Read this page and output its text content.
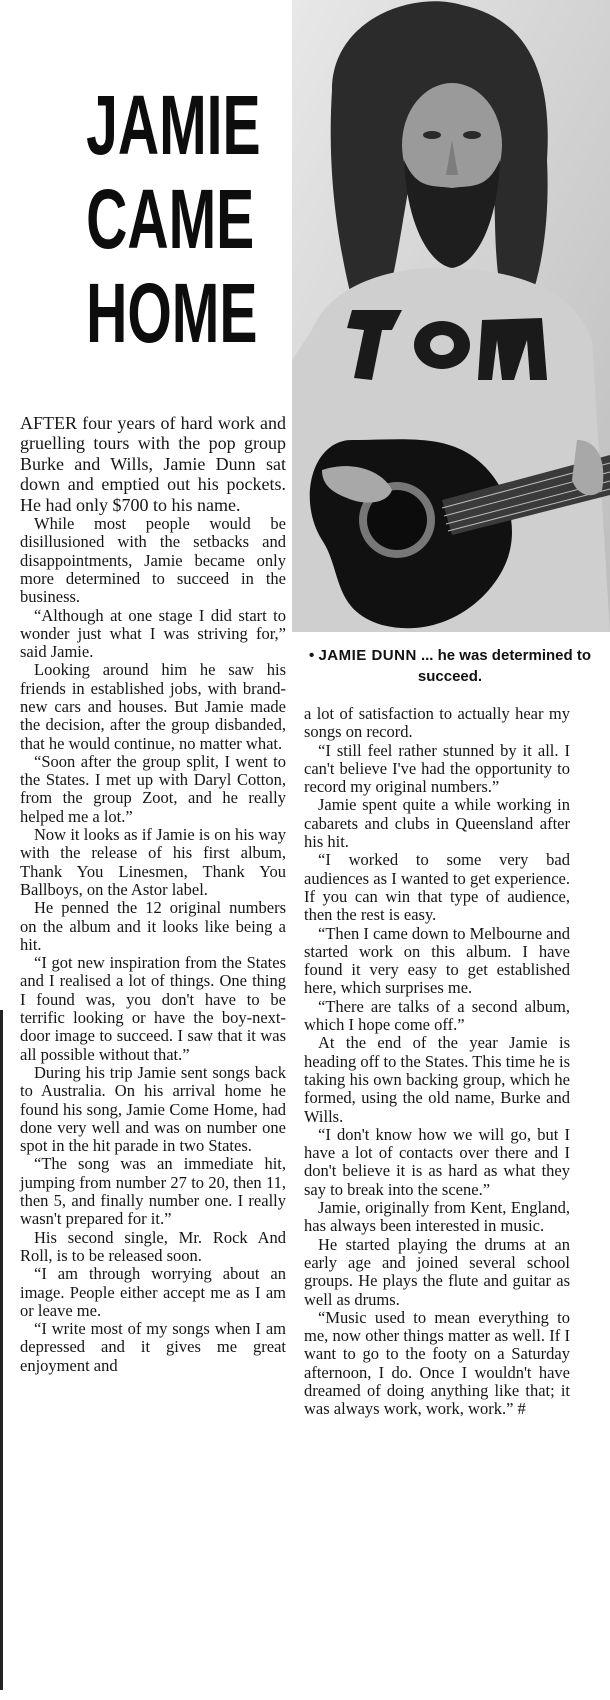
JAMIE
CAME
HOME
• JAMIE DUNN ... he was determined to succeed.

AFTER four years of hard work and gruelling tours with the pop group Burke and Wills, Jamie Dunn sat down and emptied out his pockets. He had only $700 to his name.

While most people would be disillusioned with the setbacks and disappointments, Jamie became only more determined to succeed in the business.

“Although at one stage I did start to wonder just what I was striving for,” said Jamie.

Looking around him he saw his friends in established jobs, with brand-new cars and houses. But Jamie made the decision, after the group disbanded, that he would continue, no matter what.

“Soon after the group split, I went to the States. I met up with Daryl Cotton, from the group Zoot, and he really helped me a lot.”

Now it looks as if Jamie is on his way with the release of his first album, Thank You Linesmen, Thank You Ballboys, on the Astor label.

He penned the 12 original numbers on the album and it looks like being a hit.

“I got new inspiration from the States and I realised a lot of things. One thing I found was, you don't have to be terrific looking or have the boy-next-door image to succeed. I saw that it was all possible without that.”

During his trip Jamie sent songs back to Australia. On his arrival home he found his song, Jamie Come Home, had done very well and was on number one spot in the hit parade in two States.

“The song was an immediate hit, jumping from number 27 to 20, then 11, then 5, and finally number one. I really wasn't prepared for it.”

His second single, Mr. Rock And Roll, is to be released soon.

“I am through worrying about an image. People either accept me as I am or leave me.

“I write most of my songs when I am depressed and it gives me great enjoyment and

a lot of satisfaction to actually hear my songs on record.

“I still feel rather stunned by it all. I can't believe I've had the opportunity to record my original numbers.”

Jamie spent quite a while working in cabarets and clubs in Queensland after his hit.

“I worked to some very bad audiences as I wanted to get experience. If you can win that type of audience, then the rest is easy.

“Then I came down to Melbourne and started work on this album. I have found it very easy to get established here, which surprises me.

“There are talks of a second album, which I hope come off.”

At the end of the year Jamie is heading off to the States. This time he is taking his own backing group, which he formed, using the old name, Burke and Wills.

“I don't know how we will go, but I have a lot of contacts over there and I don't believe it is as hard as what they say to break into the scene.”

Jamie, originally from Kent, England, has always been interested in music.

He started playing the drums at an early age and joined several school groups. He plays the flute and guitar as well as drums.

“Music used to mean everything to me, now other things matter as well. If I want to go to the footy on a Saturday afternoon, I do. Once I wouldn't have dreamed of doing anything like that; it was always work, work, work.” #
